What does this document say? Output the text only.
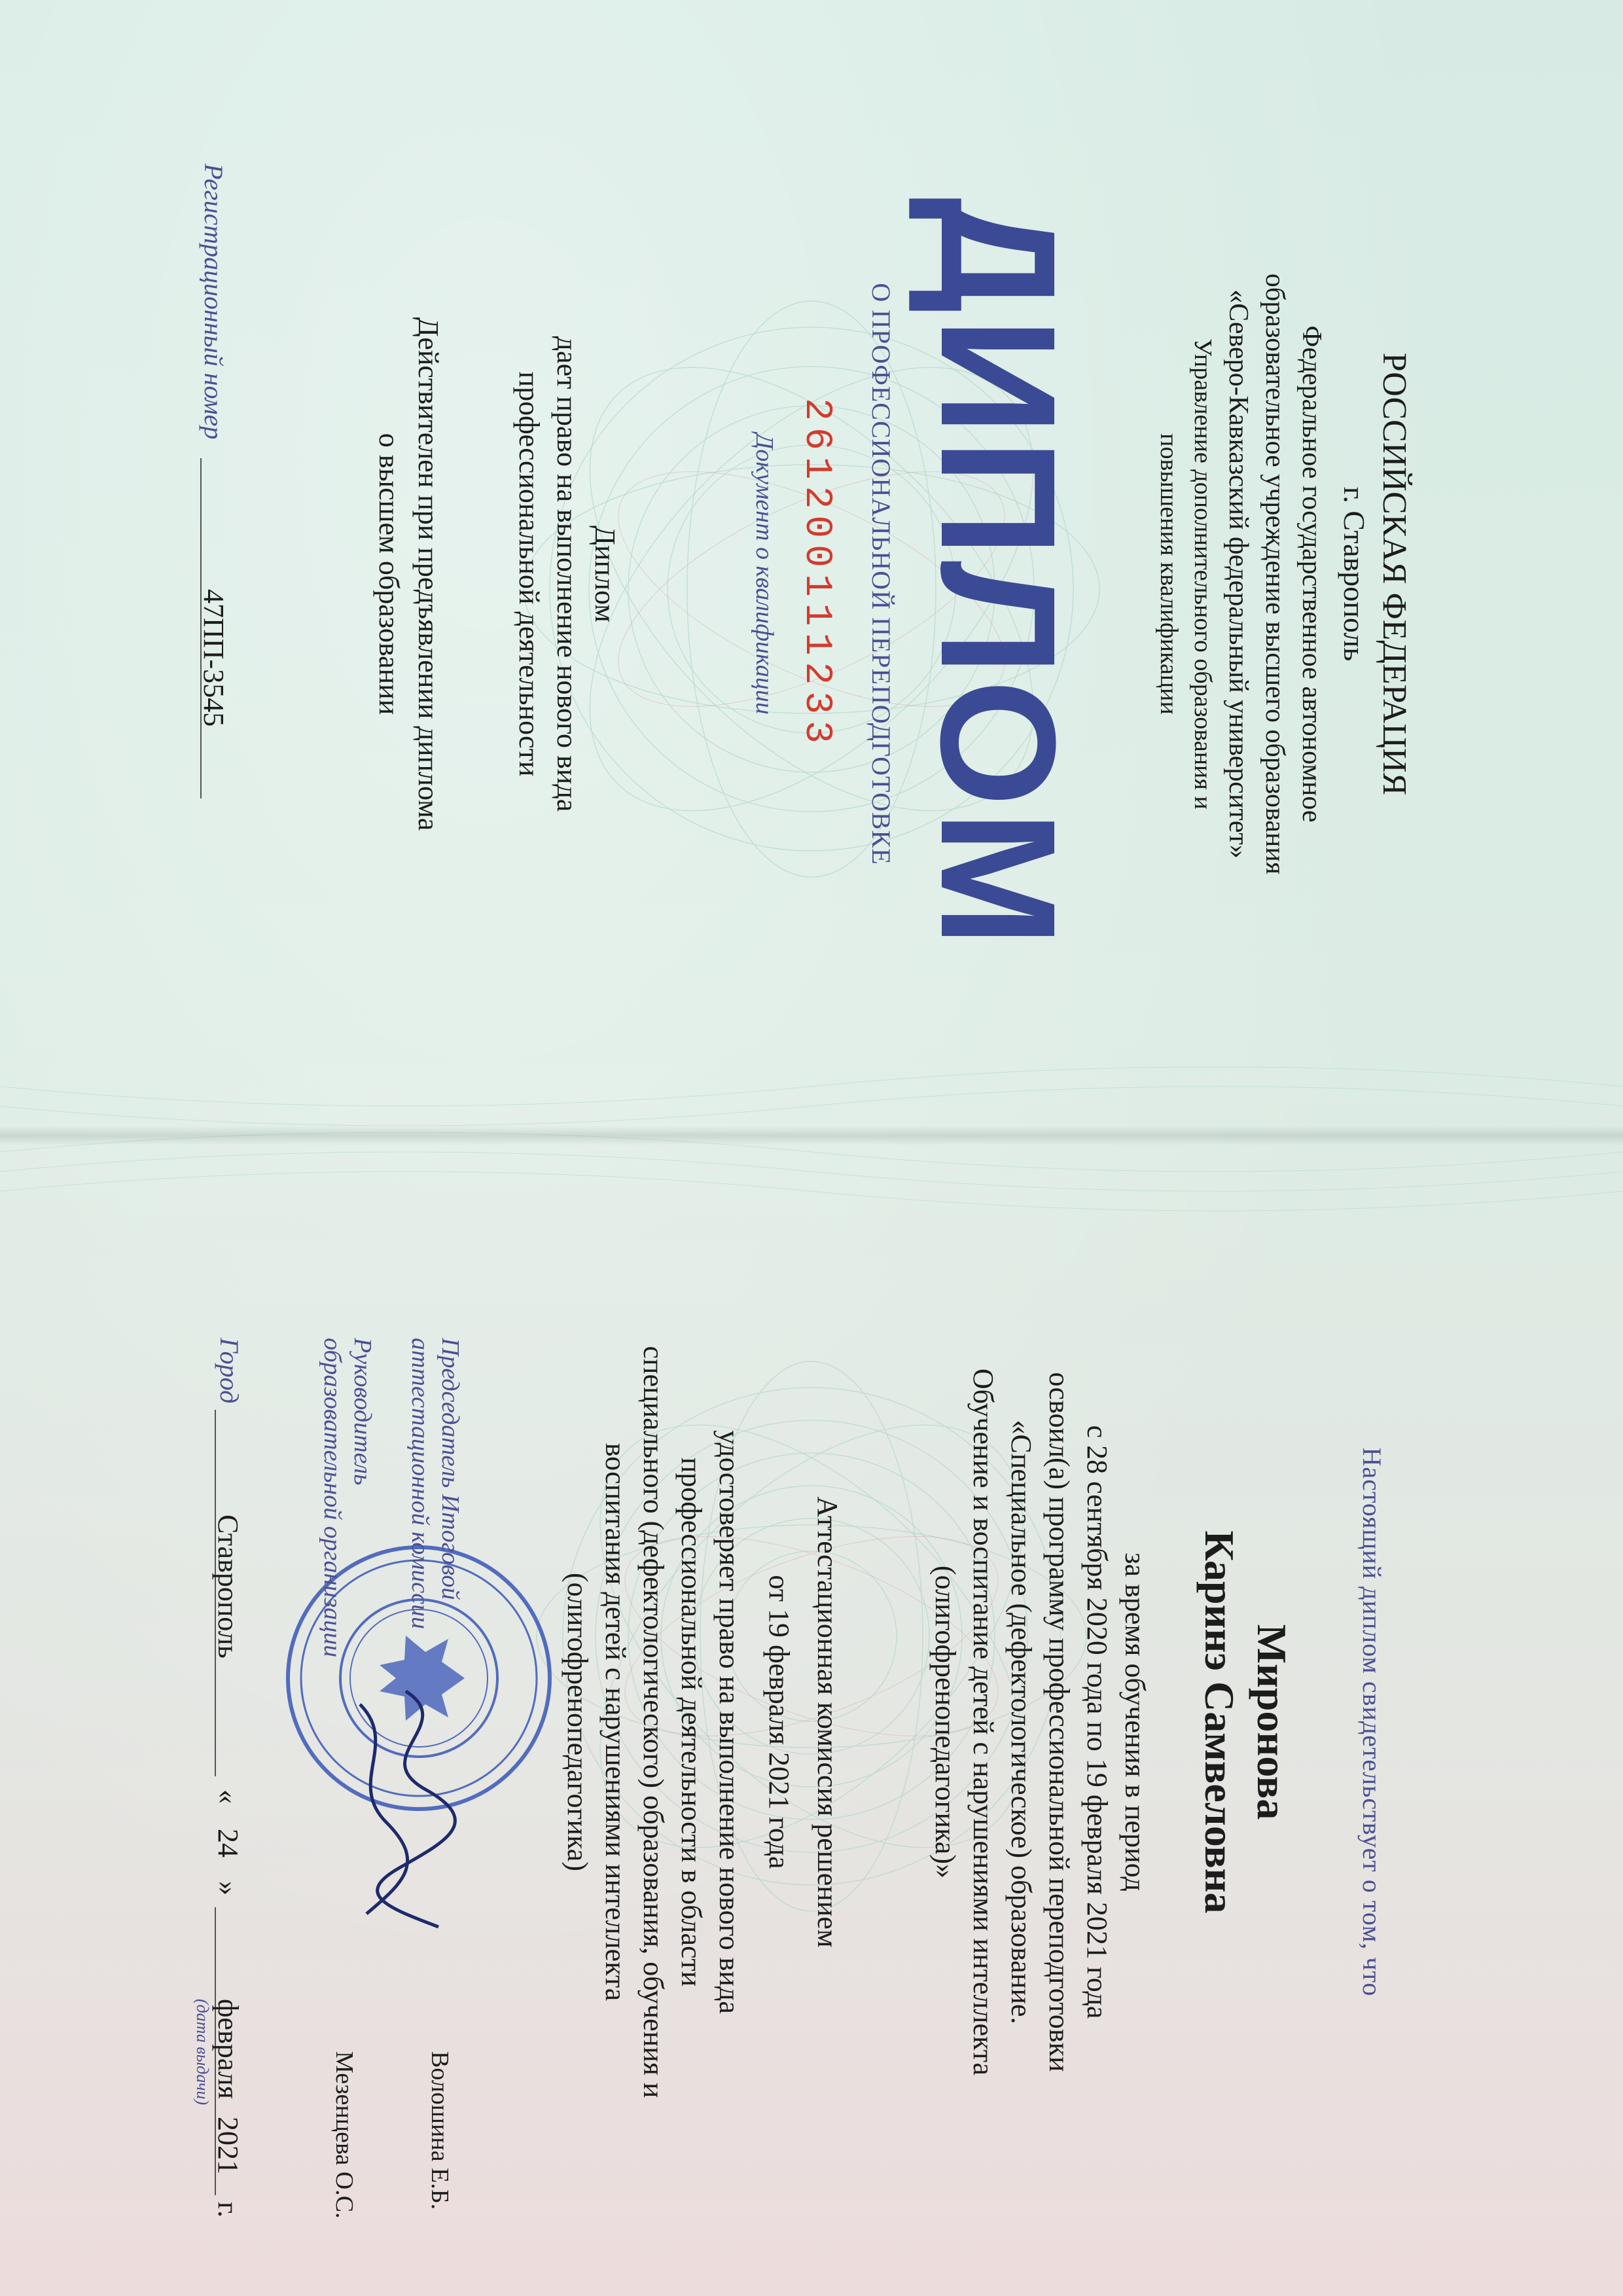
РОССИЙСКАЯ ФЕДЕРАЦИЯ
г. Ставрополь
Федеральное государственное автономное
образовательное учреждение высшего образования
«Северо-Кавказский федеральный университет»
Управление дополнительного образования и
повышения квалификации
ДИПЛОМ
О ПРОФЕССИОНАЛЬНОЙ ПЕРЕПОДГОТОВКЕ
261200111233
Документ о квалификации
Диплом
дает право на выполнение нового вида
профессиональной деятельности
Действителен при предъявлении диплома
о высшем образовании
Регистрационный номер
47ПП-3545
Настоящий диплом свидетельствует о том, что
Миронова
Каринэ Самвеловна
за время обучения в период
с 28 сентября 2020 года по 19 февраля 2021 года
освоил(а) программу профессиональной переподготовки
«Специальное (дефектологическое) образование.
Обучение и воспитание детей с нарушениями интеллекта
(олигофренопедагогика)»
Аттестационная комиссия решением
от 19 февраля 2021 года
удостоверяет право на выполнение нового вида
профессиональной деятельности в области
специального (дефектологического) образования, обучения и
воспитания детей с нарушениями интеллекта
(олигофренопедагогика)
Председатель Итоговой
аттестационной комиссии
Волошина Е.Б.
Руководитель
образовательной организации
Мезенцева О.С.
Город
Ставрополь
«
24
»
февраля
(дата выдачи)
2021
г.
